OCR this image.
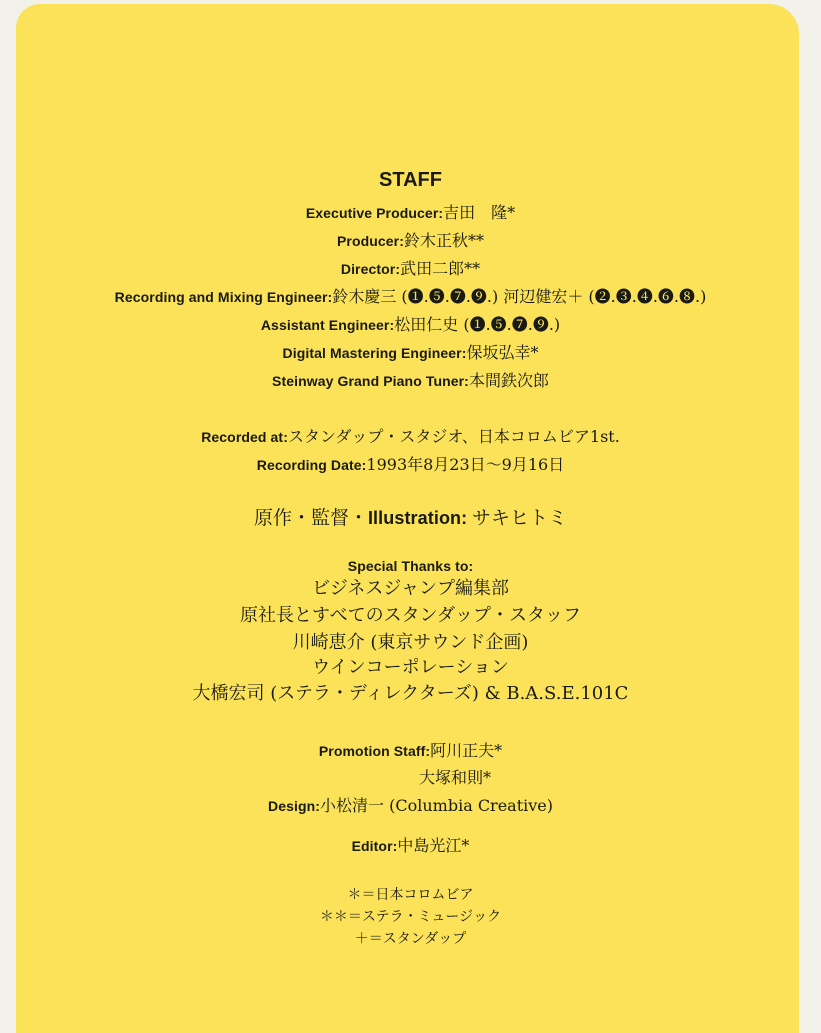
STAFF
Executive Producer:吉田　隆*
Producer:鈴木正秋**
Director:武田二郎**
Recording and Mixing Engineer:鈴木慶三 (❶.❺.❼.❾.) 河辺健宏＋ (❷.❸.❹.❻.❽.)
Assistant Engineer:松田仁史 (❶.❺.❼.❾.)
Digital Mastering Engineer:保坂弘幸*
Steinway Grand Piano Tuner:本間鉄次郎
Recorded at:スタンダップ・スタジオ、日本コロムビア1st.
Recording Date:1993年8月23日～9月16日
原作・監督・Illustration: サキヒトミ
Special Thanks to:
ビジネスジャンプ編集部
原社長とすべてのスタンダップ・スタッフ
川崎恵介 (東京サウンド企画)
ウインコーポレーション
大橋宏司 (ステラ・ディレクターズ) & B.A.S.E.101C
Promotion Staff:阿川正夫*
大塚和則*
Design:小松清一 (Columbia Creative)
Editor:中島光江*
＊＝日本コロムビア
＊＊＝ステラ・ミュージック
＋＝スタンダップ
